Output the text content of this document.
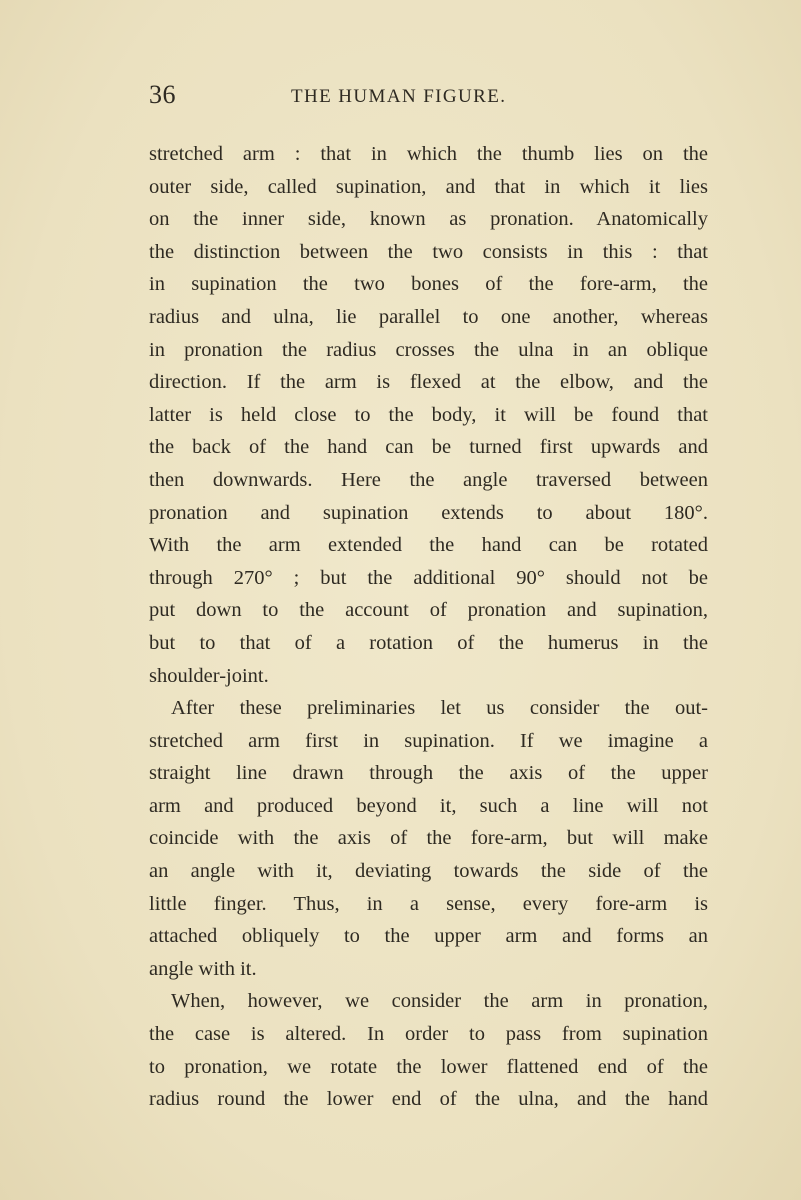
36	THE HUMAN FIGURE.
stretched arm : that in which the thumb lies on the
outer side, called supination, and that in which it lies
on the inner side, known as pronation. Anatomically
the distinction between the two consists in this : that
in supination the two bones of the fore-arm, the
radius and ulna, lie parallel to one another, whereas
in pronation the radius crosses the ulna in an oblique
direction. If the arm is flexed at the elbow, and the
latter is held close to the body, it will be found that
the back of the hand can be turned first upwards and
then downwards. Here the angle traversed between
pronation and supination extends to about 180°.
With the arm extended the hand can be rotated
through 270° ; but the additional 90° should not be
put down to the account of pronation and supination,
but to that of a rotation of the humerus in the
shoulder-joint.
After these preliminaries let us consider the out-
stretched arm first in supination. If we imagine a
straight line drawn through the axis of the upper
arm and produced beyond it, such a line will not
coincide with the axis of the fore-arm, but will make
an angle with it, deviating towards the side of the
little finger. Thus, in a sense, every fore-arm is
attached obliquely to the upper arm and forms an
angle with it.
When, however, we consider the arm in pronation,
the case is altered. In order to pass from supination
to pronation, we rotate the lower flattened end of the
radius round the lower end of the ulna, and the hand
